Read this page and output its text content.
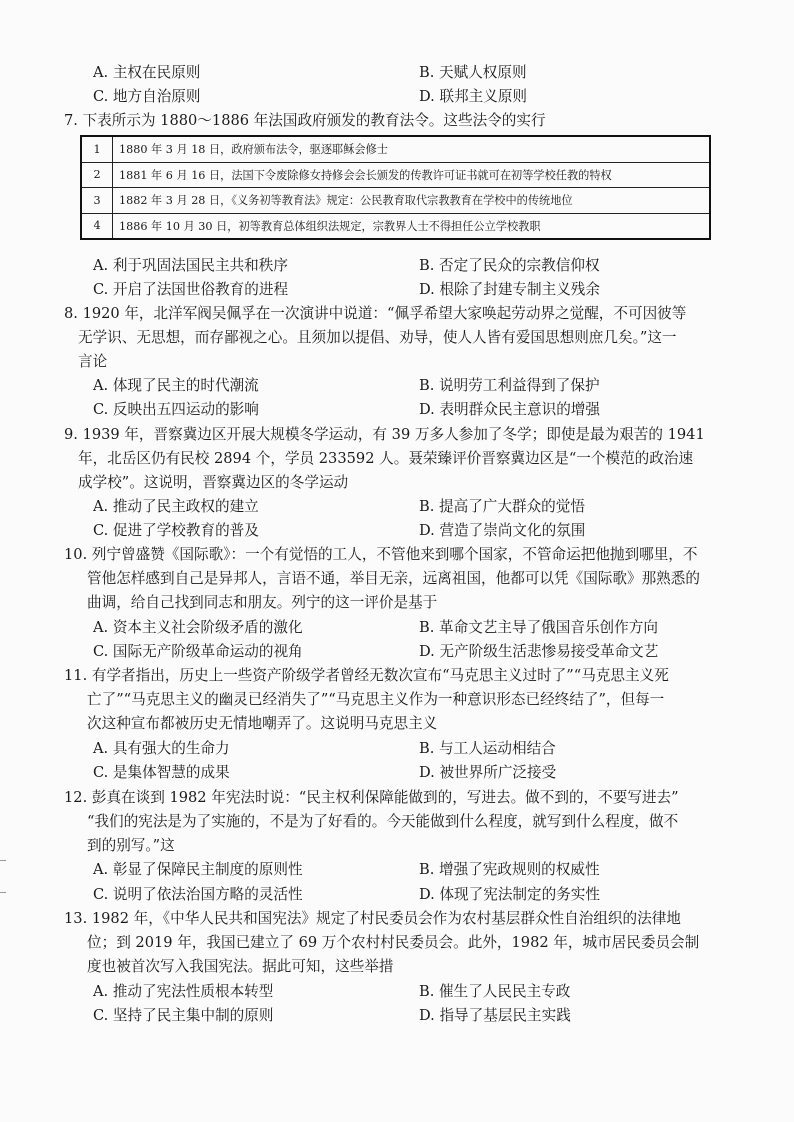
A. 主权在民原则	B. 天赋人权原则
C. 地方自治原则	D. 联邦主义原则
7. 下表所示为 1880～1886 年法国政府颁发的教育法令。这些法令的实行
1	1880 年 3 月 18 日，政府颁布法令，驱逐耶稣会修士
2	1881 年 6 月 16 日，法国下令废除修女持修会会长颁发的传教许可证书就可在初等学校任教的特权
3	1882 年 3 月 28 日，《义务初等教育法》规定：公民教育取代宗教教育在学校中的传统地位
4	1886 年 10 月 30 日，初等教育总体组织法规定，宗教界人士不得担任公立学校教职
A. 利于巩固法国民主共和秩序	B. 否定了民众的宗教信仰权
C. 开启了法国世俗教育的进程	D. 根除了封建专制主义残余
8. 1920 年，北洋军阀吴佩孚在一次演讲中说道：“佩孚希望大家唤起劳动界之觉醒，不可因彼等
无学识、无思想，而存鄙视之心。且须加以提倡、劝导，使人人皆有爱国思想则庶几矣。”这一
言论
A. 体现了民主的时代潮流	B. 说明劳工利益得到了保护
C. 反映出五四运动的影响	D. 表明群众民主意识的增强
9. 1939 年，晋察冀边区开展大规模冬学运动，有 39 万多人参加了冬学；即使是最为艰苦的 1941
年，北岳区仍有民校 2894 个，学员 233592 人。聂荣臻评价晋察冀边区是“一个模范的政治速
成学校”。这说明，晋察冀边区的冬学运动
A. 推动了民主政权的建立	B. 提高了广大群众的觉悟
C. 促进了学校教育的普及	D. 营造了崇尚文化的氛围
10. 列宁曾盛赞《国际歌》：一个有觉悟的工人，不管他来到哪个国家，不管命运把他抛到哪里，不
管他怎样感到自己是异邦人，言语不通，举目无亲，远离祖国，他都可以凭《国际歌》那熟悉的
曲调，给自己找到同志和朋友。列宁的这一评价是基于
A. 资本主义社会阶级矛盾的激化	B. 革命文艺主导了俄国音乐创作方向
C. 国际无产阶级革命运动的视角	D. 无产阶级生活悲惨易接受革命文艺
11. 有学者指出，历史上一些资产阶级学者曾经无数次宣布“马克思主义过时了”“马克思主义死
亡了”“马克思主义的幽灵已经消失了”“马克思主义作为一种意识形态已经终结了”，但每一
次这种宣布都被历史无情地嘲弄了。这说明马克思主义
A. 具有强大的生命力	B. 与工人运动相结合
C. 是集体智慧的成果	D. 被世界所广泛接受
12. 彭真在谈到 1982 年宪法时说：“民主权利保障能做到的，写进去。做不到的，不要写进去”
“我们的宪法是为了实施的，不是为了好看的。今天能做到什么程度，就写到什么程度，做不
到的别写。”这
A. 彰显了保障民主制度的原则性	B. 增强了宪政规则的权威性
C. 说明了依法治国方略的灵活性	D. 体现了宪法制定的务实性
13. 1982 年，《中华人民共和国宪法》规定了村民委员会作为农村基层群众性自治组织的法律地
位；到 2019 年，我国已建立了 69 万个农村村民委员会。此外，1982 年，城市居民委员会制
度也被首次写入我国宪法。据此可知，这些举措
A. 推动了宪法性质根本转型	B. 催生了人民民主专政
C. 坚持了民主集中制的原则	D. 指导了基层民主实践
